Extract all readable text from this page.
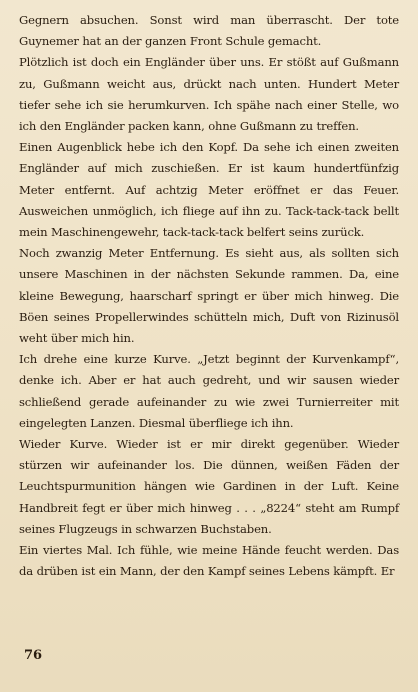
Gegnern absuchen. Sonst wird man überrascht. Der tote Guynemer hat an der ganzen Front Schule gemacht.

Plötzlich ist doch ein Engländer über uns. Er stößt auf Gußmann zu, Gußmann weicht aus, drückt nach unten. Hundert Meter tiefer sehe ich sie herumkurven. Ich spähe nach einer Stelle, wo ich den Engländer packen kann, ohne Gußmann zu treffen.

Einen Augenblick hebe ich den Kopf. Da sehe ich einen zweiten Engländer auf mich zuschießen. Er ist kaum hundertfünfzig Meter entfernt. Auf achtzig Meter eröffnet er das Feuer. Ausweichen unmöglich, ich fliege auf ihn zu. Tack-tack-tack bellt mein Maschinengewehr, tack-tack-tack belfert seins zurück.

Noch zwanzig Meter Entfernung. Es sieht aus, als sollten sich unsere Maschinen in der nächsten Sekunde rammen. Da, eine kleine Bewegung, haarscharf springt er über mich hinweg. Die Böen seines Propellerwindes schütteln mich, Duft von Rizinusöl weht über mich hin.

Ich drehe eine kurze Kurve. „Jetzt beginnt der Kurvenkampf“, denke ich. Aber er hat auch gedreht, und wir sausen wieder schließend gerade aufeinander zu wie zwei Turnierreiter mit eingelegten Lanzen. Diesmal überfliege ich ihn.

Wieder Kurve. Wieder ist er mir direkt gegenüber. Wieder stürzen wir aufeinander los. Die dünnen, weißen Fäden der Leuchtspurmunition hängen wie Gardinen in der Luft. Keine Handbreit fegt er über mich hinweg . . . „8224“ steht am Rumpf seines Flugzeugs in schwarzen Buchstaben.

Ein viertes Mal. Ich fühle, wie meine Hände feucht werden. Das da drüben ist ein Mann, der den Kampf seines Lebens kämpft. Er

76
